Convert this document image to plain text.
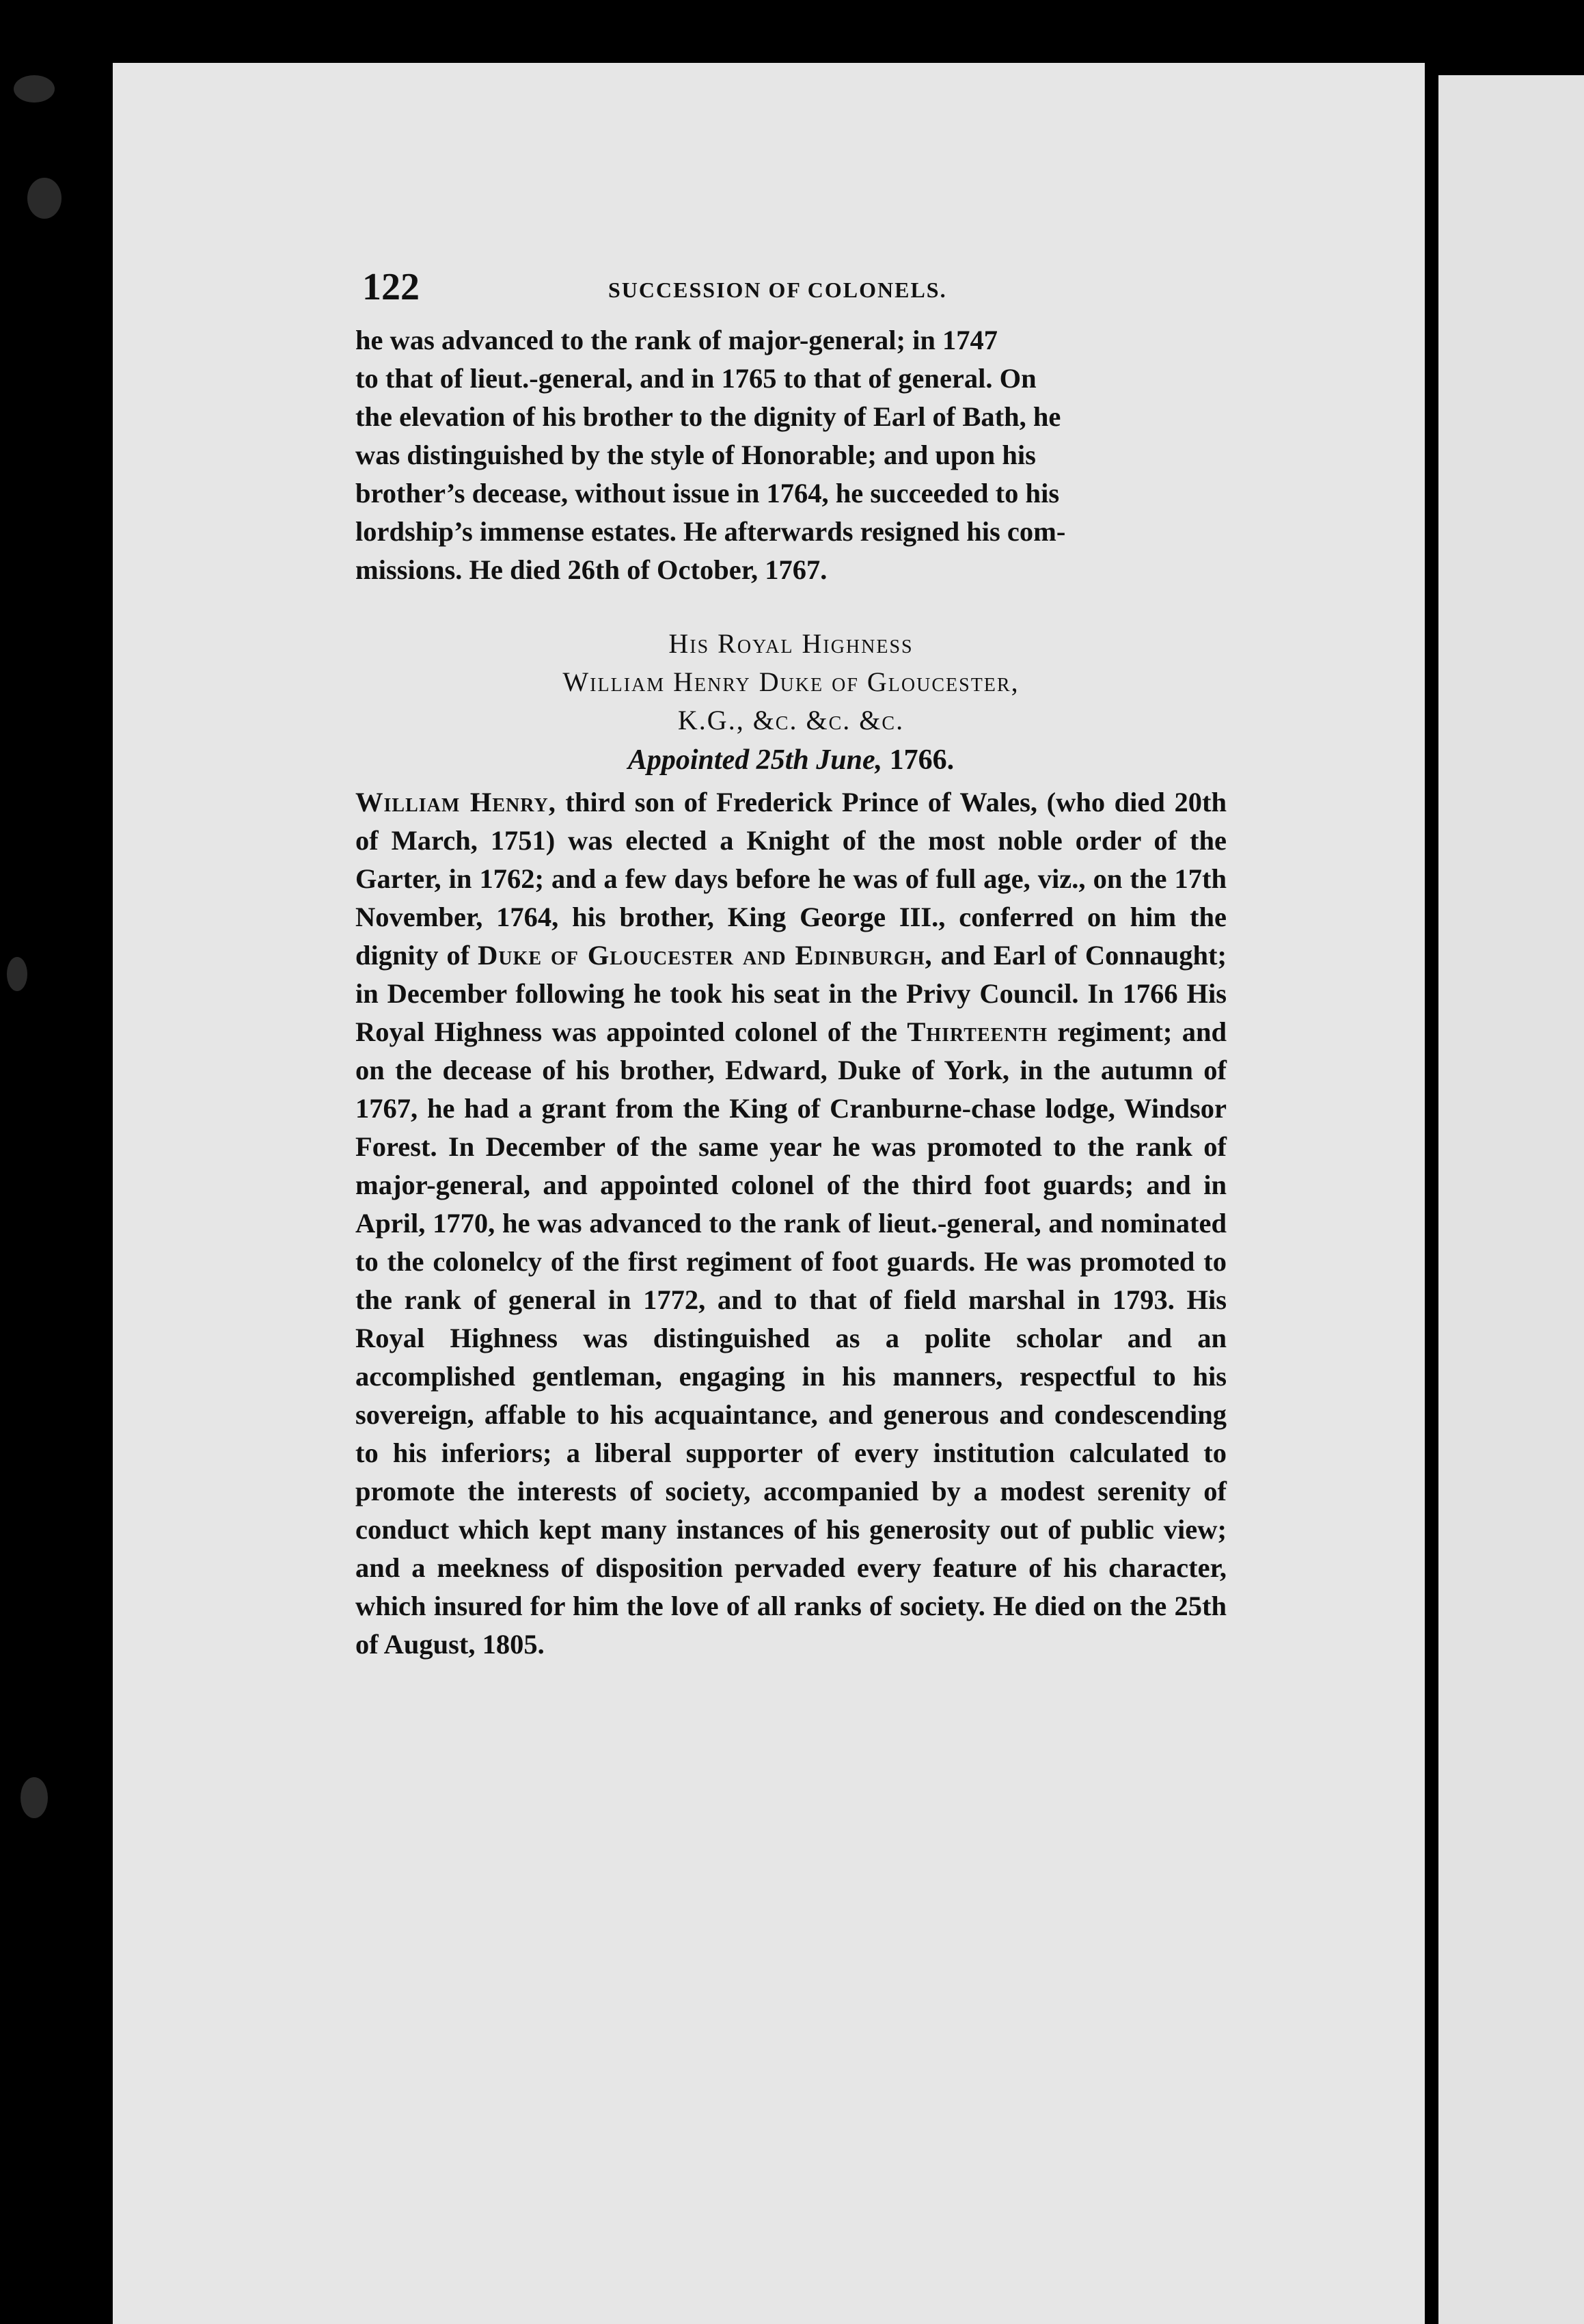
122	SUCCESSION OF COLONELS.
he was advanced to the rank of major-general; in 1747
to that of lieut.-general, and in 1765 to that of general. On
the elevation of his brother to the dignity of Earl of Bath, he
was distinguished by the style of Honorable; and upon his
brother’s decease, without issue in 1764, he succeeded to his
lordship’s immense estates. He afterwards resigned his com-
missions. He died 26th of October, 1767.
His Royal Highness
William Henry Duke of Gloucester,
K.G., &c. &c. &c.
Appointed 25th June, 1766.

William Henry, third son of Frederick Prince of Wales, (who died 20th of March, 1751) was elected a Knight of the most noble order of the Garter, in 1762; and a few days before he was of full age, viz., on the 17th November, 1764, his brother, King George III., conferred on him the dignity of Duke of Gloucester and Edinburgh, and Earl of Connaught; in December following he took his seat in the Privy Council. In 1766 His Royal Highness was appointed colonel of the Thirteenth regiment; and on the decease of his brother, Edward, Duke of York, in the autumn of 1767, he had a grant from the King of Cranburne-chase lodge, Windsor Forest. In December of the same year he was promoted to the rank of major-general, and appointed colonel of the third foot guards; and in April, 1770, he was advanced to the rank of lieut.-general, and nominated to the colonelcy of the first regiment of foot guards. He was promoted to the rank of general in 1772, and to that of field marshal in 1793. His Royal Highness was distinguished as a polite scholar and an accomplished gentleman, engaging in his manners, respectful to his sovereign, affable to his acquaintance, and generous and condescending to his inferiors; a liberal supporter of every institution calculated to promote the interests of society, accompanied by a modest serenity of conduct which kept many instances of his generosity out of public view; and a meekness of disposition pervaded every feature of his character, which insured for him the love of all ranks of society. He died on the 25th of August, 1805.
